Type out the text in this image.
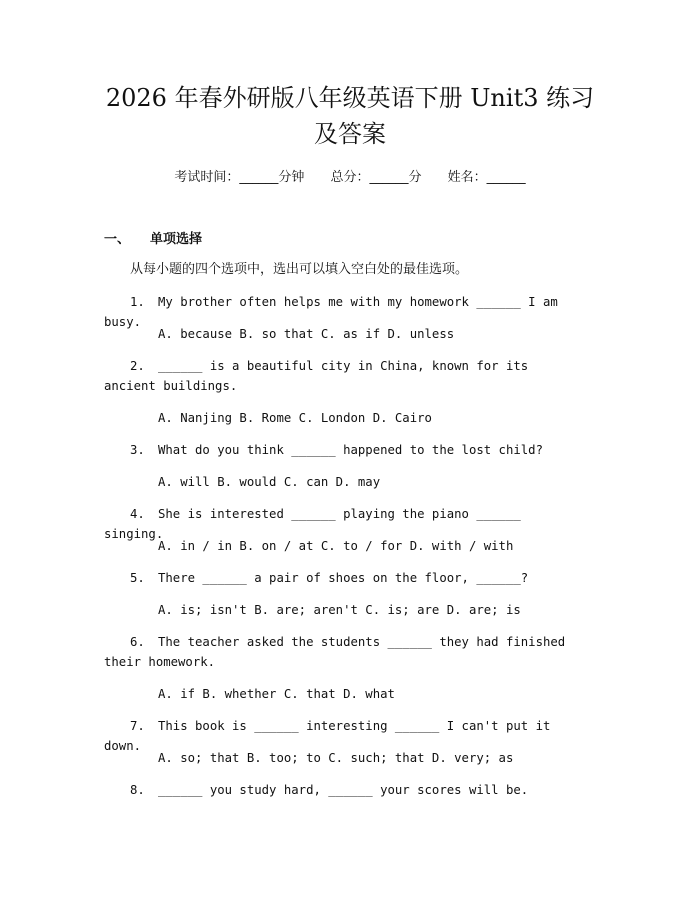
2026 年春外研版八年级英语下册 Unit3 练习
及答案
考试时间：______分钟 总分：______分 姓名：______
一、 单项选择
从每小题的四个选项中，选出可以填入空白处的最佳选项。

1. My brother often helps me with my homework ______ I am busy.

A. because B. so that C. as if D. unless

2. ______ is a beautiful city in China, known for its ancient buildings.

A. Nanjing B. Rome C. London D. Cairo

3. What do you think ______ happened to the lost child?

A. will B. would C. can D. may

4. She is interested ______ playing the piano ______ singing.

A. in / in B. on / at C. to / for D. with / with

5. There ______ a pair of shoes on the floor, ______?

A. is; isn't B. are; aren't C. is; are D. are; is

6. The teacher asked the students ______ they had finished their homework.

A. if B. whether C. that D. what

7. This book is ______ interesting ______ I can't put it down.

A. so; that B. too; to C. such; that D. very; as

8. ______ you study hard, ______ your scores will be.
